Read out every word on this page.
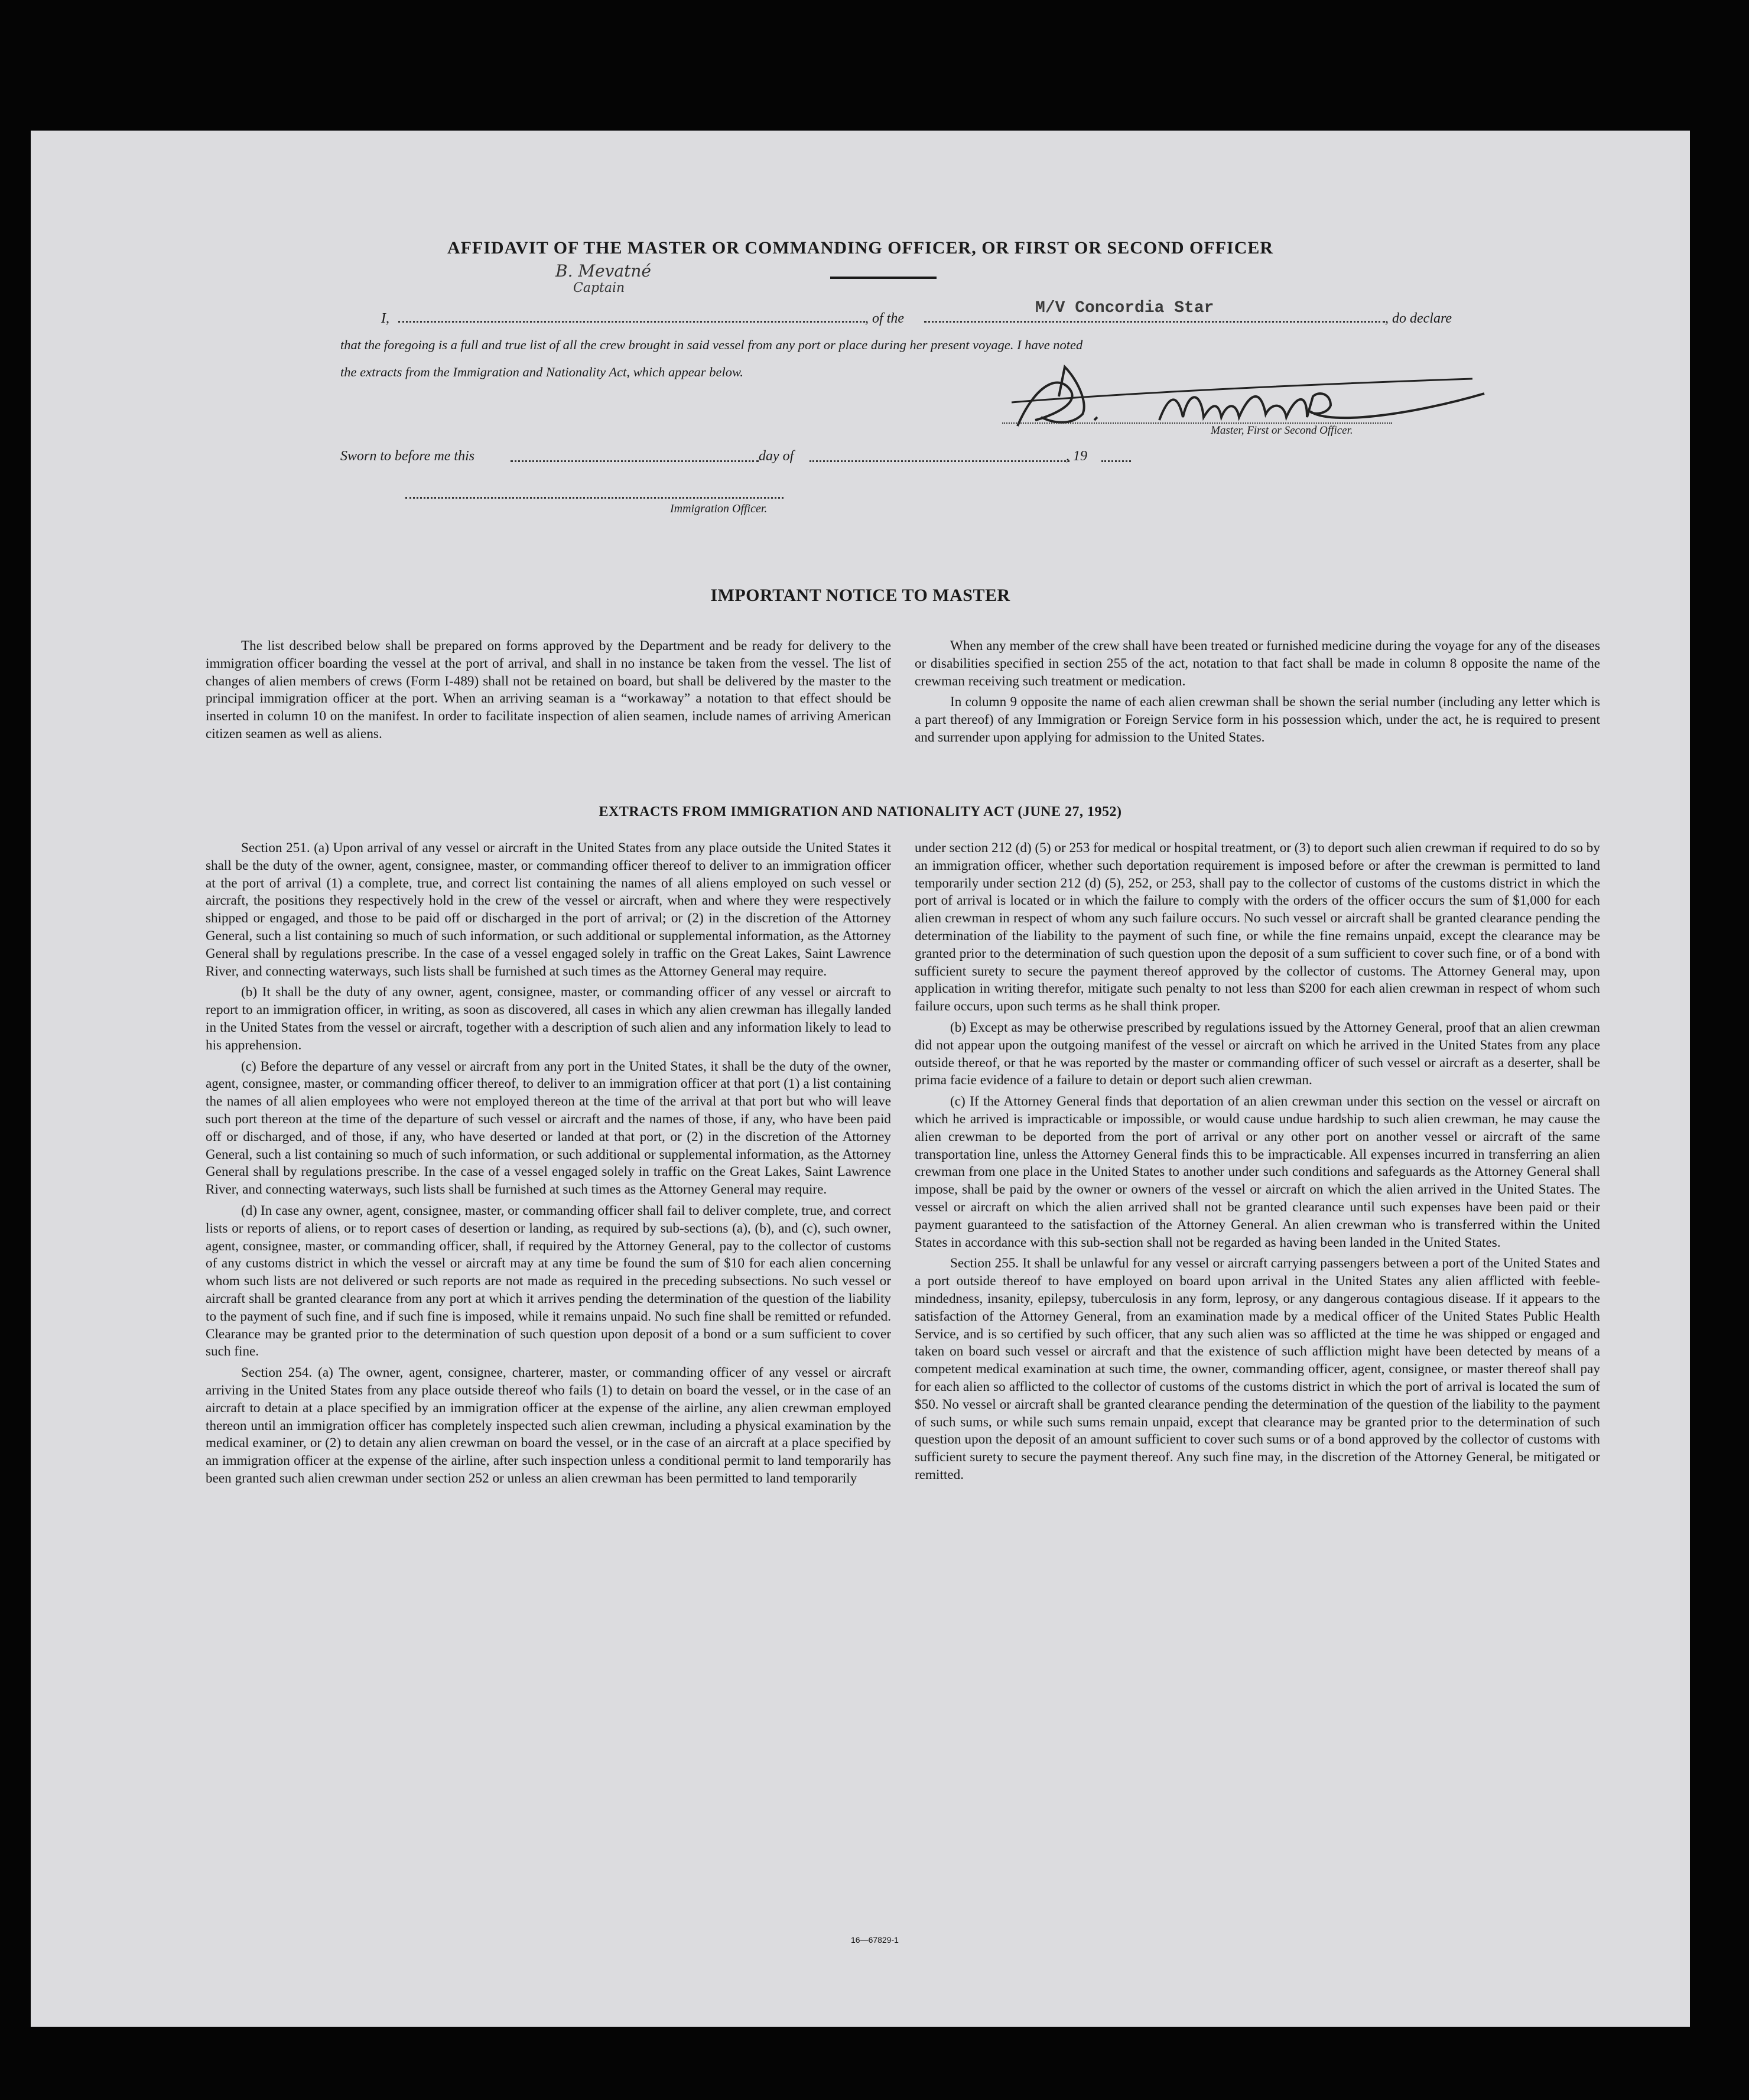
AFFIDAVIT OF THE MASTER OR COMMANDING OFFICER, OR FIRST OR SECOND OFFICER
B. Mevatné
Captain
I,	, of the
M/V Concordia Star
, do declare
that the foregoing is a full and true list of all the crew brought in said vessel from any port or place during her present voyage. I have noted
the extracts from the Immigration and Nationality Act, which appear below.
Master, First or Second Officer.
Sworn to before me this	day of	, 19
Immigration Officer.
IMPORTANT NOTICE TO MASTER

The list described below shall be prepared on forms approved by the Department and be ready for delivery to the immigration officer boarding the vessel at the port of arrival, and shall in no instance be taken from the vessel. The list of changes of alien members of crews (Form I-489) shall not be retained on board, but shall be delivered by the master to the principal immigration officer at the port. When an arriving seaman is a “workaway” a notation to that effect should be inserted in column 10 on the manifest. In order to facilitate inspection of alien seamen, include names of arriving American citizen seamen as well as aliens.

When any member of the crew shall have been treated or furnished medicine during the voyage for any of the diseases or disabilities specified in section 255 of the act, notation to that fact shall be made in column 8 opposite the name of the crewman receiving such treatment or medication.

In column 9 opposite the name of each alien crewman shall be shown the serial number (including any letter which is a part thereof) of any Immigration or Foreign Service form in his possession which, under the act, he is required to present and surrender upon applying for admission to the United States.

EXTRACTS FROM IMMIGRATION AND NATIONALITY ACT (JUNE 27, 1952)

Section 251. (a) Upon arrival of any vessel or aircraft in the United States from any place outside the United States it shall be the duty of the owner, agent, consignee, master, or commanding officer thereof to deliver to an immigration officer at the port of arrival (1) a complete, true, and correct list containing the names of all aliens employed on such vessel or aircraft, the positions they respectively hold in the crew of the vessel or aircraft, when and where they were respectively shipped or engaged, and those to be paid off or discharged in the port of arrival; or (2) in the discretion of the Attorney General, such a list containing so much of such information, or such additional or supplemental information, as the Attorney General shall by regulations prescribe. In the case of a vessel engaged solely in traffic on the Great Lakes, Saint Lawrence River, and connecting waterways, such lists shall be furnished at such times as the Attorney General may require.

(b) It shall be the duty of any owner, agent, consignee, master, or commanding officer of any vessel or aircraft to report to an immigration officer, in writing, as soon as discovered, all cases in which any alien crewman has illegally landed in the United States from the vessel or aircraft, together with a description of such alien and any information likely to lead to his apprehension.

(c) Before the departure of any vessel or aircraft from any port in the United States, it shall be the duty of the owner, agent, consignee, master, or commanding officer thereof, to deliver to an immigration officer at that port (1) a list containing the names of all alien employees who were not employed thereon at the time of the arrival at that port but who will leave such port thereon at the time of the departure of such vessel or aircraft and the names of those, if any, who have been paid off or discharged, and of those, if any, who have deserted or landed at that port, or (2) in the discretion of the Attorney General, such a list containing so much of such information, or such additional or supplemental information, as the Attorney General shall by regulations prescribe. In the case of a vessel engaged solely in traffic on the Great Lakes, Saint Lawrence River, and connecting waterways, such lists shall be furnished at such times as the Attorney General may require.

(d) In case any owner, agent, consignee, master, or commanding officer shall fail to deliver complete, true, and correct lists or reports of aliens, or to report cases of desertion or landing, as required by sub-sections (a), (b), and (c), such owner, agent, consignee, master, or commanding officer, shall, if required by the Attorney General, pay to the collector of customs of any customs district in which the vessel or aircraft may at any time be found the sum of $10 for each alien concerning whom such lists are not delivered or such reports are not made as required in the preceding subsections. No such vessel or aircraft shall be granted clearance from any port at which it arrives pending the determination of the question of the liability to the payment of such fine, and if such fine is imposed, while it remains unpaid. No such fine shall be remitted or refunded. Clearance may be granted prior to the determination of such question upon deposit of a bond or a sum sufficient to cover such fine.

Section 254. (a) The owner, agent, consignee, charterer, master, or commanding officer of any vessel or aircraft arriving in the United States from any place outside thereof who fails (1) to detain on board the vessel, or in the case of an aircraft to detain at a place specified by an immigration officer at the expense of the airline, any alien crewman employed thereon until an immigration officer has completely inspected such alien crewman, including a physical examination by the medical examiner, or (2) to detain any alien crewman on board the vessel, or in the case of an aircraft at a place specified by an immigration officer at the expense of the airline, after such inspection unless a conditional permit to land temporarily has been granted such alien crewman under section 252 or unless an alien crewman has been permitted to land temporarily

under section 212 (d) (5) or 253 for medical or hospital treatment, or (3) to deport such alien crewman if required to do so by an immigration officer, whether such deportation requirement is imposed before or after the crewman is permitted to land temporarily under section 212 (d) (5), 252, or 253, shall pay to the collector of customs of the customs district in which the port of arrival is located or in which the failure to comply with the orders of the officer occurs the sum of $1,000 for each alien crewman in respect of whom any such failure occurs. No such vessel or aircraft shall be granted clearance pending the determination of the liability to the payment of such fine, or while the fine remains unpaid, except the clearance may be granted prior to the determination of such question upon the deposit of a sum sufficient to cover such fine, or of a bond with sufficient surety to secure the payment thereof approved by the collector of customs. The Attorney General may, upon application in writing therefor, mitigate such penalty to not less than $200 for each alien crewman in respect of whom such failure occurs, upon such terms as he shall think proper.

(b) Except as may be otherwise prescribed by regulations issued by the Attorney General, proof that an alien crewman did not appear upon the outgoing manifest of the vessel or aircraft on which he arrived in the United States from any place outside thereof, or that he was reported by the master or commanding officer of such vessel or aircraft as a deserter, shall be prima facie evidence of a failure to detain or deport such alien crewman.

(c) If the Attorney General finds that deportation of an alien crewman under this section on the vessel or aircraft on which he arrived is impracticable or impossible, or would cause undue hardship to such alien crewman, he may cause the alien crewman to be deported from the port of arrival or any other port on another vessel or aircraft of the same transportation line, unless the Attorney General finds this to be impracticable. All expenses incurred in transferring an alien crewman from one place in the United States to another under such conditions and safeguards as the Attorney General shall impose, shall be paid by the owner or owners of the vessel or aircraft on which the alien arrived in the United States. The vessel or aircraft on which the alien arrived shall not be granted clearance until such expenses have been paid or their payment guaranteed to the satisfaction of the Attorney General. An alien crewman who is transferred within the United States in accordance with this sub-section shall not be regarded as having been landed in the United States.

Section 255. It shall be unlawful for any vessel or aircraft carrying passengers between a port of the United States and a port outside thereof to have employed on board upon arrival in the United States any alien afflicted with feeble-mindedness, insanity, epilepsy, tuberculosis in any form, leprosy, or any dangerous contagious disease. If it appears to the satisfaction of the Attorney General, from an examination made by a medical officer of the United States Public Health Service, and is so certified by such officer, that any such alien was so afflicted at the time he was shipped or engaged and taken on board such vessel or aircraft and that the existence of such affliction might have been detected by means of a competent medical examination at such time, the owner, commanding officer, agent, consignee, or master thereof shall pay for each alien so afflicted to the collector of customs of the customs district in which the port of arrival is located the sum of $50. No vessel or aircraft shall be granted clearance pending the determination of the question of the liability to the payment of such sums, or while such sums remain unpaid, except that clearance may be granted prior to the determination of such question upon the deposit of an amount sufficient to cover such sums or of a bond approved by the collector of customs with sufficient surety to secure the payment thereof. Any such fine may, in the discretion of the Attorney General, be mitigated or remitted.

16—67829-1
